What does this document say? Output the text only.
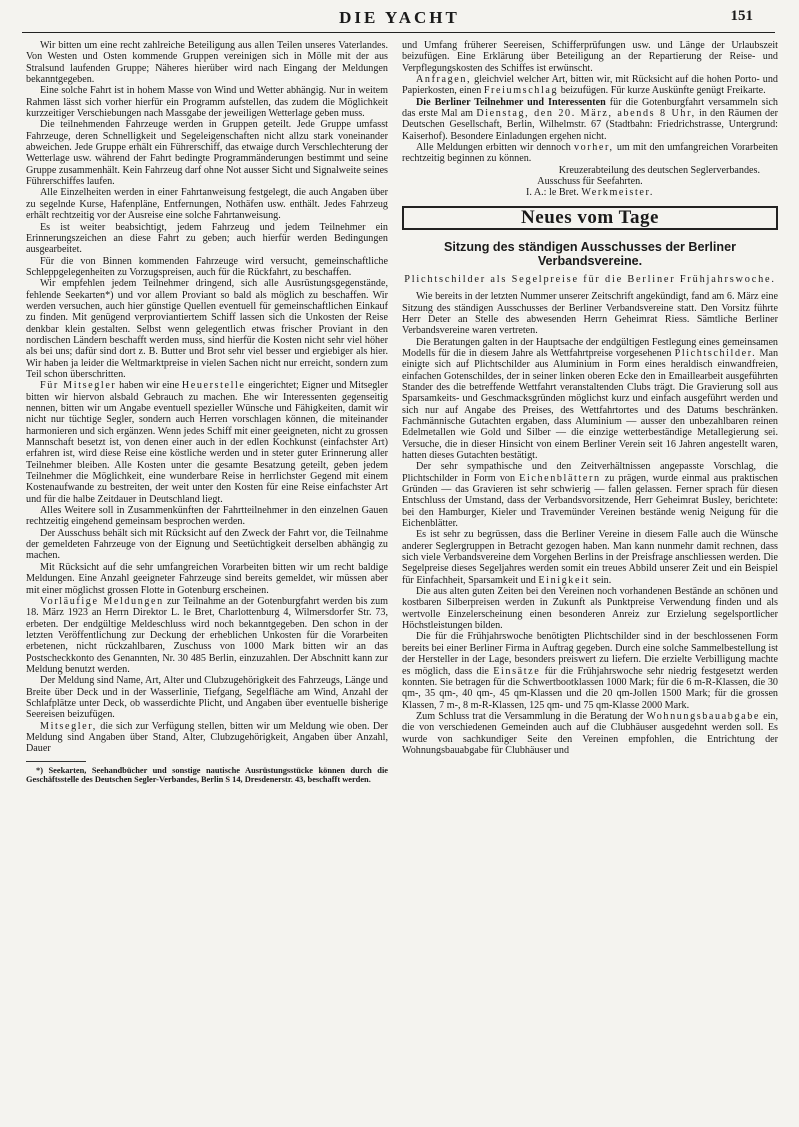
DIE YACHT	151

Wir bitten um eine recht zahlreiche Beteiligung aus allen Teilen unseres Vaterlandes. Von Westen und Osten kommende Gruppen vereinigen sich in Mölle mit der aus Stralsund laufenden Gruppe; Näheres hierüber wird nach Eingang der Meldungen bekanntgegeben.

Eine solche Fahrt ist in hohem Masse von Wind und Wetter abhängig. Nur in weitem Rahmen lässt sich vorher hierfür ein Programm aufstellen, das zudem die Möglichkeit kurzzeitiger Verschiebungen nach Massgabe der jeweiligen Wetterlage geben muss.

Die teilnehmenden Fahrzeuge werden in Gruppen geteilt. Jede Gruppe umfasst Fahrzeuge, deren Schnelligkeit und Segeleigenschaften nicht allzu stark voneinander abweichen. Jede Gruppe erhält ein Führerschiff, das etwaige durch Verschlechterung der Wetterlage usw. während der Fahrt bedingte Programmänderungen bestimmt und seine Gruppe zusammenhält. Kein Fahrzeug darf ohne Not ausser Sicht und Signalweite seines Führerschiffes laufen.

Alle Einzelheiten werden in einer Fahrtanweisung festgelegt, die auch Angaben über zu segelnde Kurse, Hafenpläne, Entfernungen, Nothäfen usw. enthält. Jedes Fahrzeug erhält rechtzeitig vor der Ausreise eine solche Fahrtanweisung.

Es ist weiter beabsichtigt, jedem Fahrzeug und jedem Teilnehmer ein Erinnerungszeichen an diese Fahrt zu geben; auch hierfür werden Bedingungen ausgearbeitet.

Für die von Binnen kommenden Fahrzeuge wird versucht, gemeinschaftliche Schleppgelegenheiten zu Vorzugspreisen, auch für die Rückfahrt, zu beschaffen.

Wir empfehlen jedem Teilnehmer dringend, sich alle Ausrüstungsgegenstände, fehlende Seekarten*) und vor allem Proviant so bald als möglich zu beschaffen. Wir werden versuchen, auch hier günstige Quellen eventuell für gemeinschaftlichen Einkauf zu finden. Mit genügend verproviantiertem Schiff lassen sich die Unkosten der Reise denkbar klein gestalten. Selbst wenn gelegentlich etwas frischer Proviant in den nordischen Ländern beschafft werden muss, sind hierfür die Kosten nicht sehr viel höher als bei uns; dafür sind dort z. B. Butter und Brot sehr viel besser und ergiebiger als hier. Wir haben ja leider die Weltmarktpreise in vielen Sachen nicht nur erreicht, sondern zum Teil schon überschritten.

Für Mitsegler haben wir eine Heuerstelle eingerichtet; Eigner und Mitsegler bitten wir hiervon alsbald Gebrauch zu machen. Ehe wir Interessenten gegenseitig nennen, bitten wir um Angabe eventuell spezieller Wünsche und Fähigkeiten, damit wir nicht nur tüchtige Segler, sondern auch Herren vorschlagen können, die miteinander harmonieren und sich ergänzen. Wenn jedes Schiff mit einer geeigneten, nicht zu grossen Mannschaft besetzt ist, von denen einer auch in der edlen Kochkunst (einfachster Art) erfahren ist, wird diese Reise eine köstliche werden und in steter guter Erinnerung aller Teilnehmer bleiben. Alle Kosten unter die gesamte Besatzung geteilt, geben jedem Teilnehmer die Möglichkeit, eine wunderbare Reise in herrlichster Gegend mit einem Kostenaufwande zu bestreiten, der weit unter den Kosten für eine Reise einfachster Art und für die halbe Zeitdauer in Deutschland liegt.

Alles Weitere soll in Zusammenkünften der Fahrtteilnehmer in den einzelnen Gauen rechtzeitig eingehend gemeinsam besprochen werden.

Der Ausschuss behält sich mit Rücksicht auf den Zweck der Fahrt vor, die Teilnahme der gemeldeten Fahrzeuge von der Eignung und Seetüchtigkeit derselben abhängig zu machen.

Mit Rücksicht auf die sehr umfangreichen Vorarbeiten bitten wir um recht baldige Meldungen. Eine Anzahl geeigneter Fahrzeuge sind bereits gemeldet, wir müssen aber mit einer möglichst grossen Flotte in Gotenburg erscheinen.

Vorläufige Meldungen zur Teilnahme an der Gotenburgfahrt werden bis zum 18. März 1923 an Herrn Direktor L. le Bret, Charlottenburg 4, Wilmersdorfer Str. 73, erbeten. Der endgültige Meldeschluss wird noch bekanntgegeben. Den schon in der letzten Veröffentlichung zur Deckung der erheblichen Unkosten für die Vorarbeiten erbetenen, nicht rückzahlbaren, Zuschuss von 1000 Mark bitten wir an das Postscheckkonto des Genannten, Nr. 30 485 Berlin, einzuzahlen. Der Abschnitt kann zur Meldung benutzt werden.

Der Meldung sind Name, Art, Alter und Clubzugehörigkeit des Fahrzeugs, Länge und Breite über Deck und in der Wasserlinie, Tiefgang, Segelfläche am Wind, Anzahl der Schlafplätze unter Deck, ob wasserdichte Plicht, und Angaben über eventuelle bisherige Seereisen beizufügen.

Mitsegler, die sich zur Verfügung stellen, bitten wir um Meldung wie oben. Der Meldung sind Angaben über Stand, Alter, Clubzugehörigkeit, Angaben über Anzahl, Dauer

*) Seekarten, Seehandbücher und sonstige nautische Ausrüstungsstücke können durch die Geschäftsstelle des Deutschen Segler-Verbandes, Berlin S 14, Dresdenerstr. 43, beschafft werden.

und Umfang früherer Seereisen, Schifferprüfungen usw. und Länge der Urlaubszeit beizufügen. Eine Erklärung über Beteiligung an der Repartierung der Reise- und Verpflegungskosten des Schiffes ist erwünscht.

Anfragen, gleichviel welcher Art, bitten wir, mit Rücksicht auf die hohen Porto- und Papierkosten, einen Freiumschlag beizufügen. Für kurze Auskünfte genügt Freikarte.

Die Berliner Teilnehmer und Interessenten für die Gotenburgfahrt versammeln sich das erste Mal am Dienstag, den 20. März, abends 8 Uhr, in den Räumen der Deutschen Gesellschaft, Berlin, Wilhelmstr. 67 (Stadtbahn: Friedrichstrasse, Untergrund: Kaiserhof). Besondere Einladungen ergehen nicht.

Alle Meldungen erbitten wir dennoch vorher, um mit den umfangreichen Vorarbeiten rechtzeitig beginnen zu können.

Kreuzerabteilung des deutschen Seglerverbandes.

Ausschuss für Seefahrten.

I. A.: le Bret. Werkmeister.

Neues vom Tage
Sitzung des ständigen Ausschusses der Berliner Verbandsvereine.
Plichtschilder als Segelpreise für die Berliner Frühjahrswoche.

Wie bereits in der letzten Nummer unserer Zeitschrift angekündigt, fand am 6. März eine Sitzung des ständigen Ausschusses der Berliner Verbandsvereine statt. Den Vorsitz führte Herr Deter an Stelle des abwesenden Herrn Geheimrat Riess. Sämtliche Berliner Verbandsvereine waren vertreten.

Die Beratungen galten in der Hauptsache der endgültigen Festlegung eines gemeinsamen Modells für die in diesem Jahre als Wettfahrtpreise vorgesehenen Plichtschilder. Man einigte sich auf Plichtschilder aus Aluminium in Form eines heraldisch einwandfreien, einfachen Gotenschildes, der in seiner linken oberen Ecke den in Emaillearbeit ausgeführten Stander des die betreffende Wettfahrt veranstaltenden Clubs trägt. Die Gravierung soll aus Sparsamkeits- und Geschmacksgründen möglichst kurz und einfach ausgeführt werden und sich nur auf Angabe des Preises, des Wettfahrtortes und des Datums beschränken. Fachmännische Gutachten ergaben, dass Aluminium — ausser den unbezahlbaren reinen Edelmetallen wie Gold und Silber — die einzige wetterbeständige Metallegierung sei. Versuche, die in dieser Hinsicht von einem Berliner Verein seit 16 Jahren angestellt waren, hatten dieses Gutachten bestätigt.

Der sehr sympathische und den Zeitverhältnissen angepasste Vorschlag, die Plichtschilder in Form von Eichenblättern zu prägen, wurde einmal aus praktischen Gründen — das Gravieren ist sehr schwierig — fallen gelassen. Ferner sprach für diesen Entschluss der Umstand, dass der Verbandsvorsitzende, Herr Geheimrat Busley, berichtete: bei den Hamburger, Kieler und Travemünder Vereinen bestände wenig Neigung für die Eichenblätter.

Es ist sehr zu begrüssen, dass die Berliner Vereine in diesem Falle auch die Wünsche anderer Seglergruppen in Betracht gezogen haben. Man kann nunmehr damit rechnen, dass sich viele Verbandsvereine dem Vorgehen Berlins in der Preisfrage anschliessen werden. Die Segelpreise dieses Segeljahres werden somit ein treues Abbild unserer Zeit und ein Beispiel für Einfachheit, Sparsamkeit und Einigkeit sein.

Die aus alten guten Zeiten bei den Vereinen noch vorhandenen Bestände an schönen und kostbaren Silberpreisen werden in Zukunft als Punktpreise Verwendung finden und als wertvolle Einzelerscheinung einen besonderen Anreiz zur Erzielung segelsportlicher Höchstleistungen bilden.

Die für die Frühjahrswoche benötigten Plichtschilder sind in der beschlossenen Form bereits bei einer Berliner Firma in Auftrag gegeben. Durch eine solche Sammelbestellung ist der Hersteller in der Lage, besonders preiswert zu liefern. Die erzielte Verbilligung machte es möglich, dass die Einsätze für die Frühjahrswoche sehr niedrig festgesetzt werden konnten. Sie betragen für die Schwertbootklassen 1000 Mark; für die 6 m-R-Klassen, die 30 qm-, 35 qm-, 40 qm-, 45 qm-Klassen und die 20 qm-Jollen 1500 Mark; für die grossen Klassen, 7 m-, 8 m-R-Klassen, 125 qm- und 75 qm-Klasse 2000 Mark.

Zum Schluss trat die Versammlung in die Beratung der Wohnungsbauabgabe ein, die von verschiedenen Gemeinden auch auf die Clubhäuser ausgedehnt werden soll. Es wurde von sachkundiger Seite den Vereinen empfohlen, die Entrichtung der Wohnungsbauabgabe für Clubhäuser und
